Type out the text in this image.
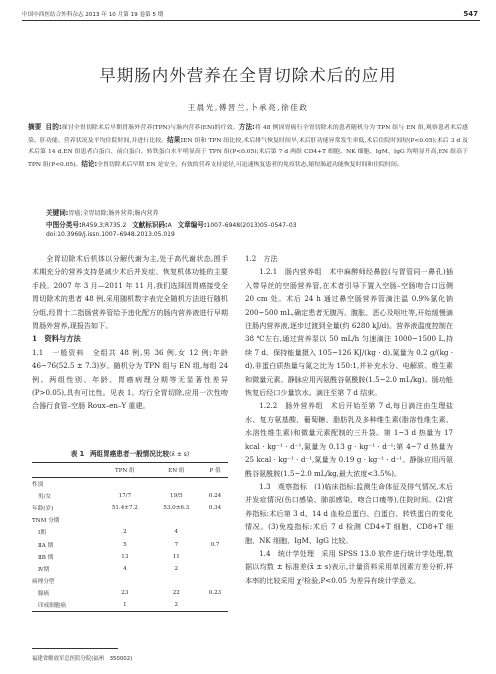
中国中西医结合外科杂志 2013 年 10 月第 19 卷第 5 期	547
早期肠内外营养在全胃切除术后的应用
王晨光,傅晋兰,卜承亮,徐佳政
摘要 目的:探讨全胃切除术后早期胃肠外营养(TPN)与肠内营养(EN)的疗效。方法:将 48 例因胃癌行全胃切除术的患者随机分为 TPN 组与 EN 组,观察患者术后感染、肝功能、营养状况及平均住院时间,并进行比较。结果:EN 组和 TPN 组比较,术后排气恢复时间早,术后肝功能异常发生率低,术后住院时间短(P<0.05);术后 3 d 及术后第 14 d,EN 组患者白蛋白、前白蛋白、转铁蛋白水平明显高于 TPN 组(P<0.05);术后第 7 d 两组 CD4+T 细胞、NK 细胞、IgM、IgG 均明显升高,EN 组高于 TPN 组(P<0.05)。结论:全胃切除术后早期 EN 是安全、有效的营养支持途径,可迅速恢复患者的免疫状态,缩短肠道功能恢复时间和住院时间。
关键词:胃癌;全胃切除;肠外营养;肠内营养
中图分类号:R459.3;R735.2 文献标识码:A 文章编号:1007–6948(2013)05–0547–03
doi:10.3969/j.issn.1007–6948.2013.05.019

全胃切除术后机体以分解代谢为主,处于高代谢状态,围手术期充分的营养支持是减少术后并发症、恢复机体功能的主要手段。2007 年 3 月—2011 年 11 月,我们选择因胃癌接受全胃切除术的患者 48 例,采用随机数字表完全随机方法进行随机分组,经胃十二指肠营养管给予违化配方的肠内营养液进行早期胃肠外营养,现报告如下。

1　资料与方法

1.1　一般资料　 全组共 48 例,男 36 例,女 12 例;年龄 46~76(52.5 ± 7.3)岁。随机分为 TPN 组与 EN 组,每组 24 例。两组性别、年龄、胃癌病理分期等无显著性差异(P>0.05),具有可比性。见表 1。均行全胃切除,应用一次性吻合器行食管–空肠 Roux–en–Y 重建。

表 1 两组胃癌患者一般情况比较(x̄ ± s)
	TPN 组	EN 组	P 值
性别			
男/女	17/7	19/5	0.24
年龄(岁)	51.4±7.2	53.0±6.3	0.34
TNM 分期			
Ⅰ期	2	4	
ⅡA 期	5	7	0.7
ⅡB 期	13	11	
Ⅳ期	4	2	
病理分型			
腺癌	23	22	0.23
印戒细胞癌	1	2	
福建省解放军总医院分院(福州　350002)
1.2　方法

1.2.1　肠内营养组　术中麻醉师经鼻腔(与胃管同一鼻孔)插入带导丝的空肠营养管,在术者引导下置入空肠–空肠吻合口远侧 20 cm 处。术后 24 h 通过鼻空肠营养管滴注温 0.9%氯化钠 200~500 mL,确定患者无腹泻、腹胀、恶心及呕吐等,开始缓慢滴注肠内营养液,逐步过渡到全量(约 6280 kJ/d)。营养液温度控制在 38 ℃左右,通过营养泵以 50 mL/h 匀速滴注 1000~1500 L,持续 7 d。保持能量摄入 105~126 KJ/(kg · d),氮量为 0.2 g/(kg · d),非蛋白质热量与氮之比为 150:1,并补充水分、电解质、维生素和微量元素。静脉应用丙氨酰谷氨酰胺(1.5~2.0 mL/kg)。肠功能恢复后经口少量饮水。滴注至第 7 d 结束。

1.2.2　肠外营养组　术后开始至第 7 d,每日滴注由生理盐水、复方氨基酸、葡萄糖、脂肪乳及多种维生素(脂溶性维生素、水溶性维生素)和微量元素配制的三升袋。第 1~3 d 热量为 17 kcal · kg⁻¹ · d⁻¹,氮量为 0.13 g · kg⁻¹ · d⁻¹;第 4~7 d 热量为 25 kcal · kg⁻¹ · d⁻¹,氮量为 0.19 g · kg⁻¹ · d⁻¹。静脉应用丙氨酰谷氨酰胺(1.5~2.0 mL/kg,最大浓度<3.5%)。

1.3　观察指标　(1)临床指标:监测生命体征及排气情况,术后并发症情况(伤口感染、肺部感染、吻合口瘘等),住院时间。(2)营养指标:术后第 3 d、14 d 血检总蛋白、白蛋白、转铁蛋白的变化情况。(3)免疫指标:术后 7 d 检测 CD4+T 细胞、CD8+T 细胞、NK 细胞、IgM、IgG 比较。

1.4　统计学处理　采用 SPSS 13.0 软件进行统计学处理,数据以均数 ± 标准差(x̄ ± s)表示,计量资料采用单因素方差分析,样本率的比较采用 χ²检验,P<0.05 为差异有统计学意义。
